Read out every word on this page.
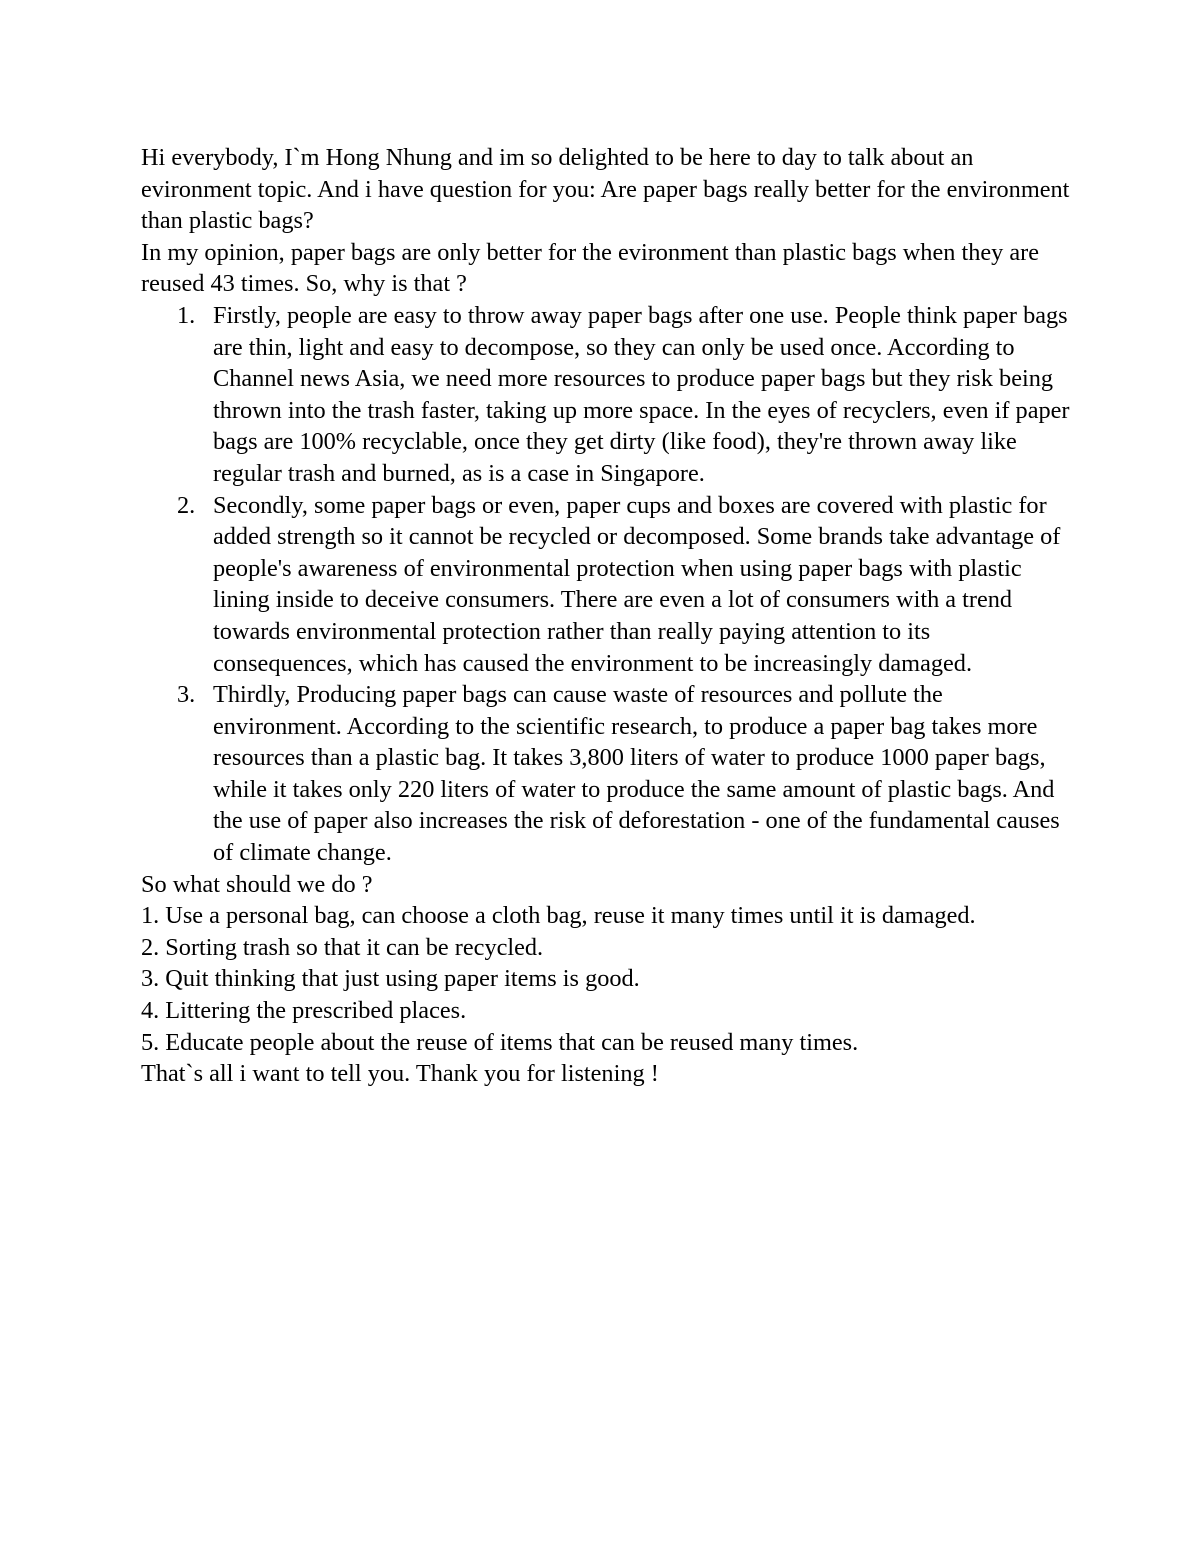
Hi everybody, I`m Hong Nhung and im so delighted to be here to day to talk about an evironment topic. And i have question for you: Are paper bags really better for the environment than plastic bags?

In my opinion, paper bags are only better for the evironment than plastic bags when they are reused 43 times. So, why is that ?

1. Firstly, people are easy to throw away paper bags after one use. People think paper bags are thin, light and easy to decompose, so they can only be used once. According to Channel news Asia, we need more resources to produce paper bags but they risk being thrown into the trash faster, taking up more space. In the eyes of recyclers, even if paper bags are 100% recyclable, once they get dirty (like food), they're thrown away like regular trash and burned, as is a case in Singapore.
2. Secondly, some paper bags or even, paper cups and boxes are covered with plastic for added strength so it cannot be recycled or decomposed. Some brands take advantage of people's awareness of environmental protection when using paper bags with plastic lining inside to deceive consumers. There are even a lot of consumers with a trend towards environmental protection rather than really paying attention to its consequences, which has caused the environment to be increasingly damaged.
3. Thirdly, Producing paper bags can cause waste of resources and pollute the environment. According to the scientific research, to produce a paper bag takes more resources than a plastic bag. It takes 3,800 liters of water to produce 1000 paper bags, while it takes only 220 liters of water to produce the same amount of plastic bags. And the use of paper also increases the risk of deforestation - one of the fundamental causes of climate change.

So what should we do ?

1. Use a personal bag, can choose a cloth bag, reuse it many times until it is damaged.

2. Sorting trash so that it can be recycled.

3. Quit thinking that just using paper items is good.

4. Littering the prescribed places.

5. Educate people about the reuse of items that can be reused many times.

That`s all i want to tell you. Thank you for listening !
